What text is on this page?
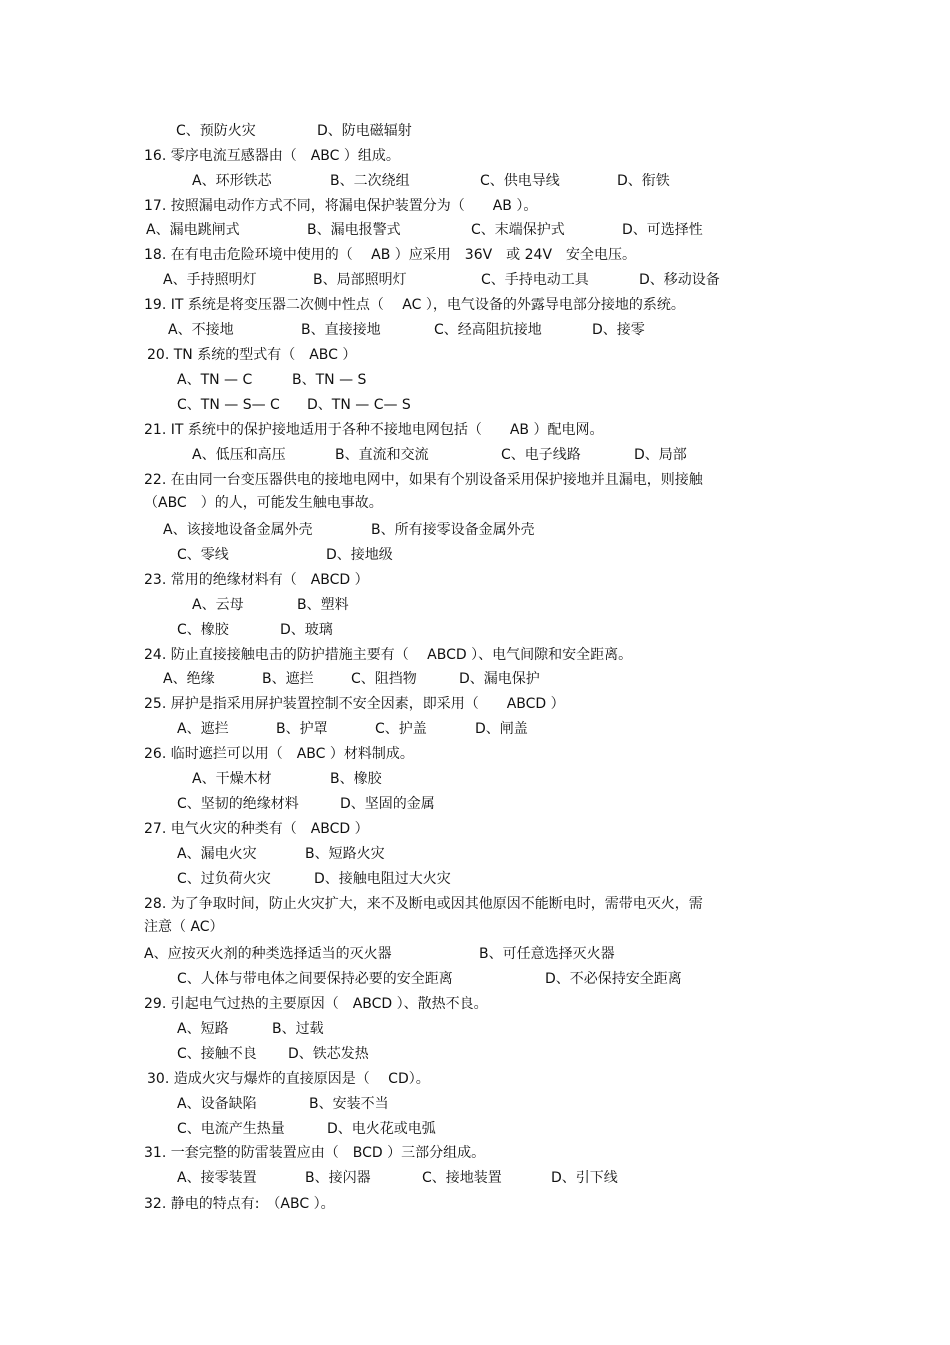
C、预防火灾	D、防电磁辐射
16. 零序电流互感器由（　ABC ）组成。
A、环形铁芯	B、二次绕组	C、供电导线	D、衔铁
17. 按照漏电动作方式不同，将漏电保护装置分为（　　AB ）。
A、漏电跳闸式	B、漏电报警式	C、末端保护式	D、可选择性
18. 在有电击危险环境中使用的（　 AB ）应采用　36V　或 24V　安全电压。
A、手持照明灯	B、局部照明灯	C、手持电动工具	D、移动设备
19. IT 系统是将变压器二次侧中性点（　 AC ），电气设备的外露导电部分接地的系统。
A、不接地	B、直接接地	C、经高阻抗接地	D、接零
20. TN 系统的型式有（　ABC ）
A、TN — C	B、TN — S
C、TN — S— C D、TN — C— S
21. IT 系统中的保护接地适用于各种不接地电网包括（　　AB ）配电网。
A、低压和高压	B、直流和交流	C、电子线路	D、局部
22. 在由同一台变压器供电的接地电网中，如果有个别设备采用保护接地并且漏电，则接触
（ABC　）的人，可能发生触电事故。
A、该接地设备金属外壳	B、所有接零设备金属外壳
C、零线	D、接地级
23. 常用的绝缘材料有（　ABCD ）
A、云母	B、塑料
C、橡胶	D、玻璃
24. 防止直接接触电击的防护措施主要有（　 ABCD ）、电气间隙和安全距离。
A、绝缘	B、遮拦	C、阻挡物	D、漏电保护
25. 屏护是指采用屏护装置控制不安全因素，即采用（　　ABCD ）
A、遮拦	B、护罩	C、护盖	D、闸盖
26. 临时遮拦可以用（　ABC ）材料制成。
A、干燥木材	B、橡胶
C、坚韧的绝缘材料	D、坚固的金属
27. 电气火灾的种类有（　ABCD ）
A、漏电火灾	B、短路火灾
C、过负荷火灾	D、接触电阻过大火灾
28. 为了争取时间，防止火灾扩大，来不及断电或因其他原因不能断电时，需带电灭火，需
注意（ AC）
A、应按灭火剂的种类选择适当的灭火器	B、可任意选择灭火器
C、人体与带电体之间要保持必要的安全距离	D、不必保持安全距离
29. 引起电气过热的主要原因（　ABCD ）、散热不良。
A、短路	B、过载
C、接触不良 D、铁芯发热
30. 造成火灾与爆炸的直接原因是（　 CD）。
A、设备缺陷	B、安装不当
C、电流产生热量	D、电火花或电弧
31. 一套完整的防雷装置应由（　BCD ）三部分组成。
A、接零装置	B、接闪器	C、接地装置	D、引下线
32. 静电的特点有:　（ABC ）。
